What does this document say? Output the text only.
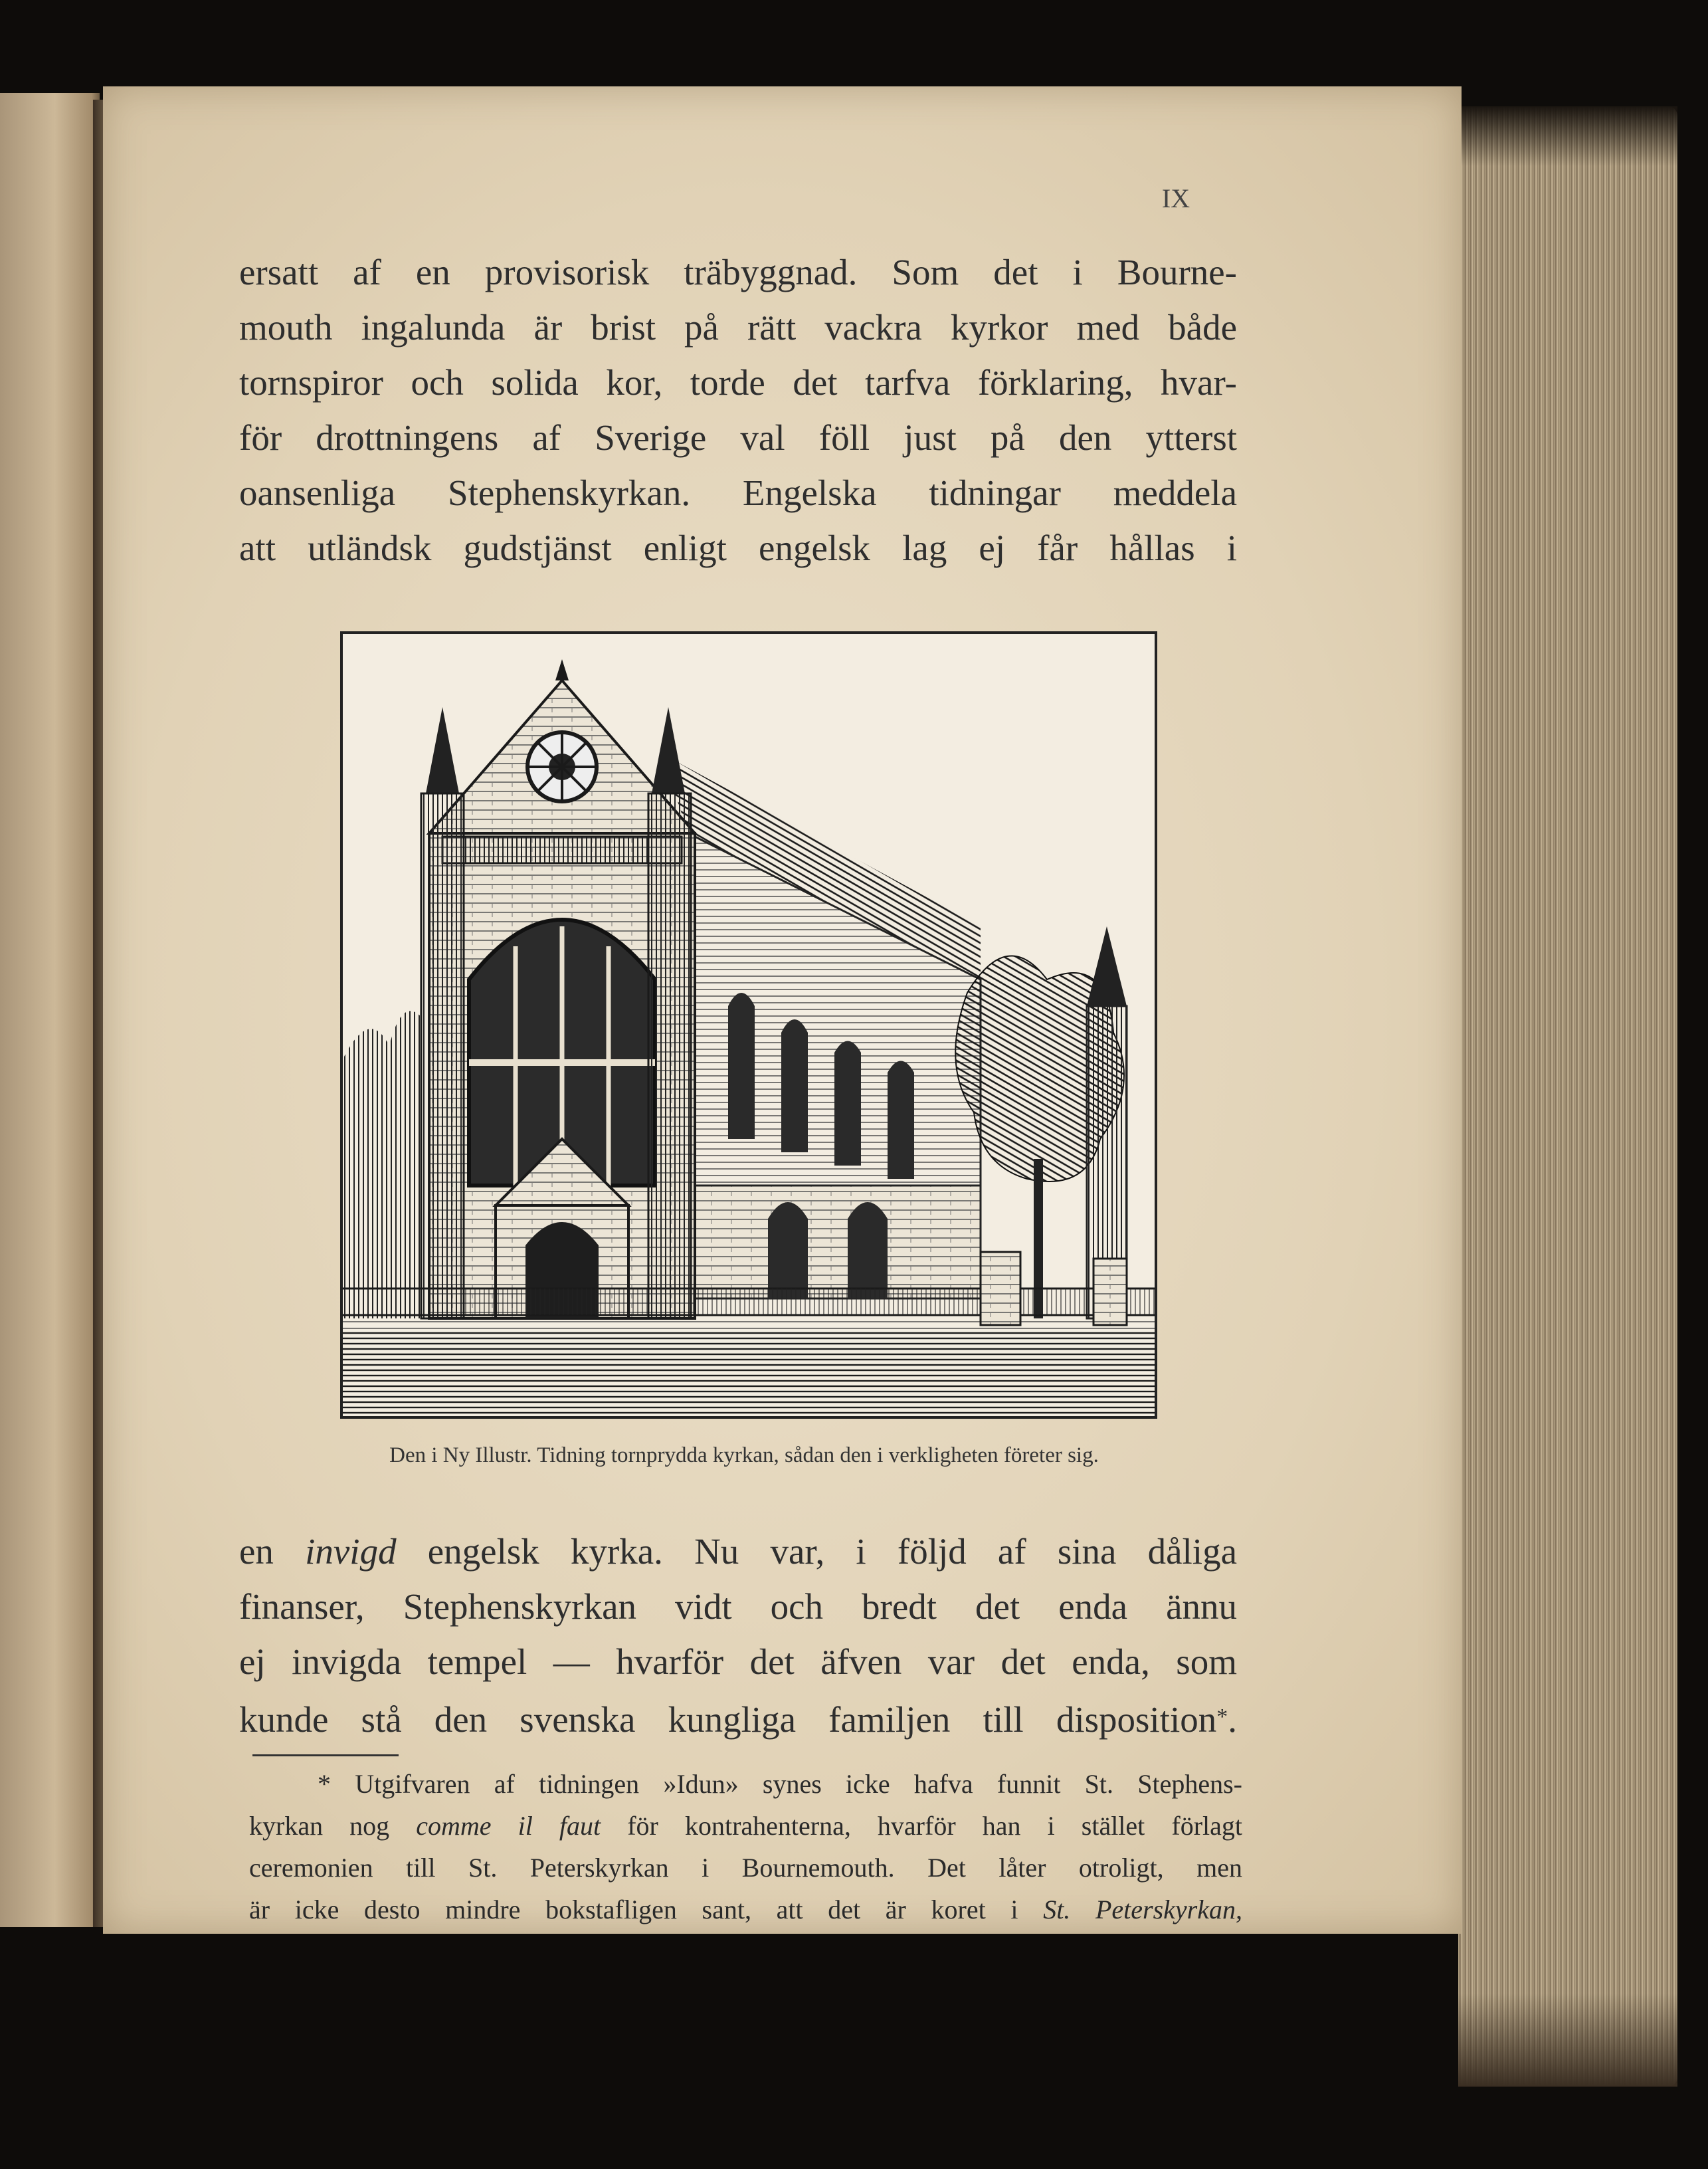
IX
ersatt af en provisorisk träbyggnad. Som det i Bourne-
mouth ingalunda är brist på rätt vackra kyrkor med både
tornspiror och solida kor, torde det tarfva förklaring, hvar-
för drottningens af Sverige val föll just på den ytterst
oansenliga Stephenskyrkan. Engelska tidningar meddela
att utländsk gudstjänst enligt engelsk lag ej får hållas i
Den i Ny Illustr. Tidning tornprydda kyrkan, sådan den i verkligheten företer sig.
en invigd engelsk kyrka. Nu var, i följd af sina dåliga
finanser, Stephenskyrkan vidt och bredt det enda ännu
ej invigda tempel — hvarför det äfven var det enda, som
kunde stå den svenska kungliga familjen till disposition*.
* Utgifvaren af tidningen »Idun» synes icke hafva funnit St. Stephens-
kyrkan nog comme il faut för kontrahenterna, hvarför han i stället förlagt
ceremonien till St. Peterskyrkan i Bournemouth. Det låter otroligt, men
är icke desto mindre bokstafligen sant, att det är koret i St. Peterskyrkan,
